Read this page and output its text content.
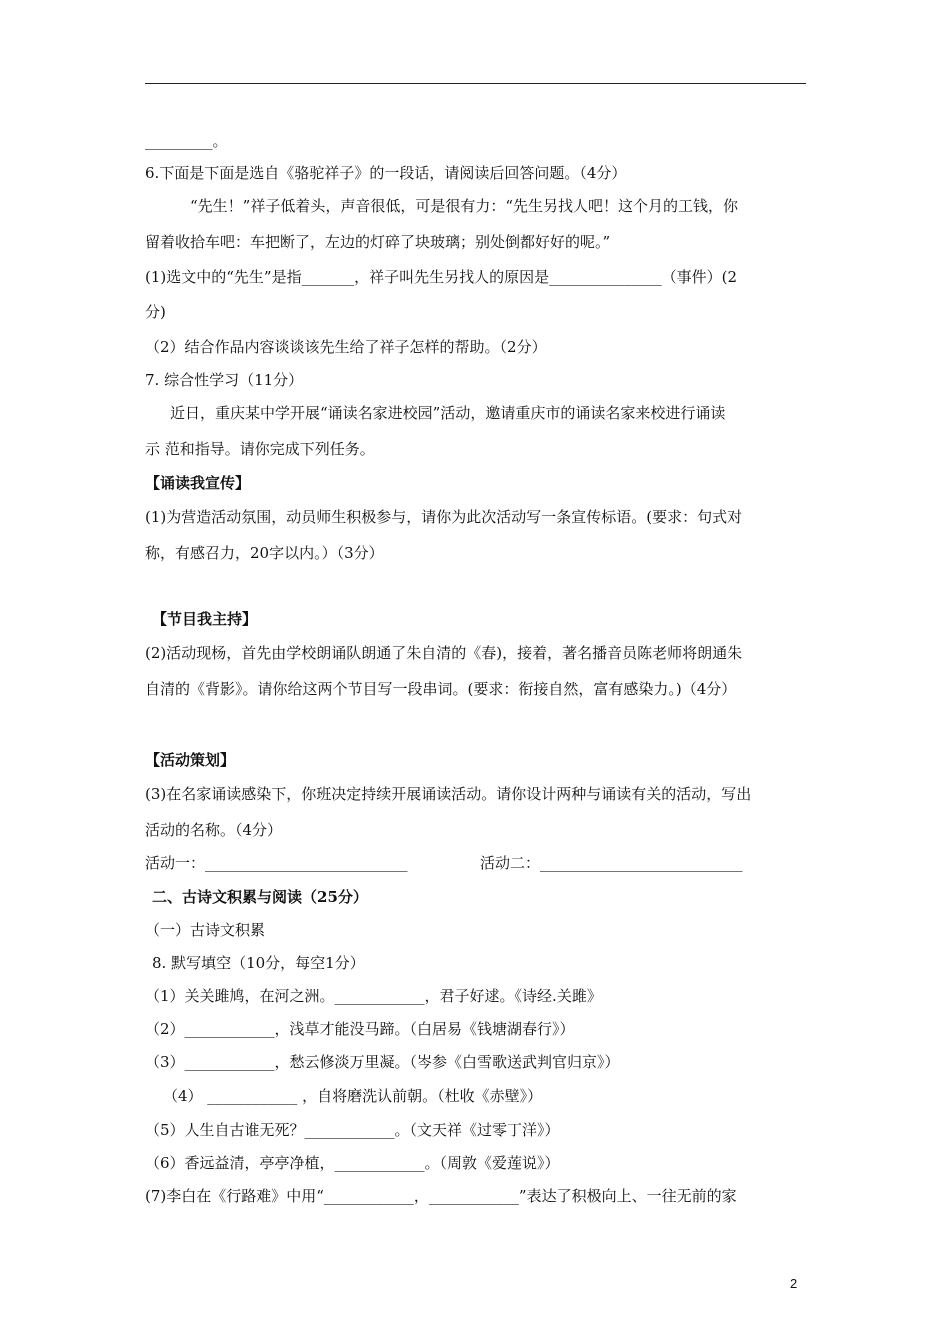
_________。
6.下面是下面是选自《骆驼祥子》的一段话，请阅读后回答问题。（4分）
“先生！”祥子低着头，声音很低，可是很有力：“先生另找人吧！这个月的工钱，你
留着收拾车吧：车把断了，左边的灯碎了块玻璃；别处倒都好好的呢。”
(1)选文中的“先生”是指_______，祥子叫先生另找人的原因是_______________（事件）(2
分)
（2）结合作品内容谈谈该先生给了祥子怎样的帮助。（2分）
7. 综合性学习（11分）
近日，重庆某中学开展“诵读名家进校园”活动，邀请重庆市的诵读名家来校进行诵读
示 范和指导。请你完成下列任务。
【诵读我宣传】
(1)为营造活动氛围，动员师生积极参与，请你为此次活动写一条宣传标语。(要求：句式对
称，有感召力，20字以内。）（3分）
【节目我主持】
(2)活动现杨，首先由学校朗诵队朗通了朱自清的《春)，接着，著名播音员陈老师将朗通朱
自清的《背影》。请你给这两个节目写一段串词。(要求：衔接自然，富有感染力。)（4分）
【活动策划】
(3)在名家诵读感染下，你班决定持续开展诵读活动。请你设计两种与诵读有关的活动，写出
活动的名称。（4分）
活动一：___________________________	活动二：___________________________
二、古诗文积累与阅读（25分）
（一）古诗文积累
8. 默写填空（10分，每空1分）
（1）关关雎鸠，在河之洲。____________，君子好逑。《诗经.关雎》
（2）____________，浅草才能没马蹄。（白居易《钱塘湖春行》）
（3）____________，愁云修淡万里凝。（岑参《白雪歌送武判官归京》）
（4） ____________ ，自将磨洗认前朝。（杜收《赤壁》）
（5）人生自古谁无死？____________。（文天祥《过零丁洋》）
（6）香远益清，亭亭净植，____________。（周敦《爱莲说》）
(7)李白在《行路难》中用“____________，____________”表达了积极向上、一往无前的家
2
